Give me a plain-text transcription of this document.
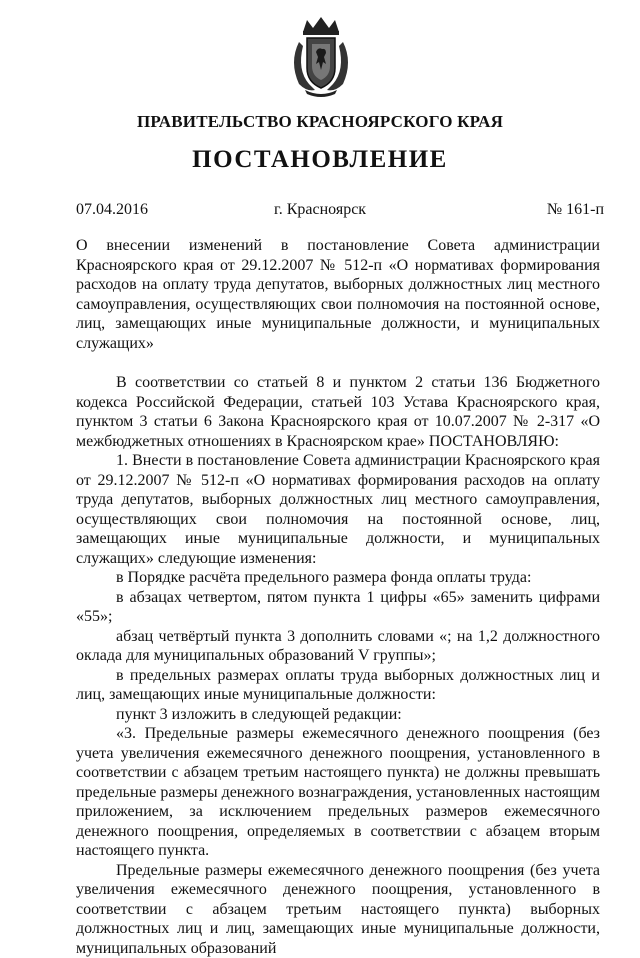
ПРАВИТЕЛЬСТВО КРАСНОЯРСКОГО КРАЯ
ПОСТАНОВЛЕНИЕ
07.04.2016	г. Красноярск	№ 161-п
О внесении изменений в постановление Совета администрации Красноярского края от 29.12.2007 № 512-п «О нормативах формирования расходов на оплату труда депутатов, выборных должностных лиц местного самоуправления, осуществляющих свои полномочия на постоянной основе, лиц, замещающих иные муниципальные должности, и муниципальных служащих»

В соответствии со статьей 8 и пунктом 2 статьи 136 Бюджетного кодекса Российской Федерации, статьей 103 Устава Красноярского края, пунктом 3 статьи 6 Закона Красноярского края от 10.07.2007 № 2-317 «О межбюджетных отношениях в Красноярском крае» ПОСТАНОВЛЯЮ:

1. Внести в постановление Совета администрации Красноярского края от 29.12.2007 № 512-п «О нормативах формирования расходов на оплату труда депутатов, выборных должностных лиц местного самоуправления, осуществляющих свои полномочия на постоянной основе, лиц, замещающих иные муниципальные должности, и муниципальных служащих» следующие изменения:

в Порядке расчёта предельного размера фонда оплаты труда:

в абзацах четвертом, пятом пункта 1 цифры «65» заменить цифрами «55»;

абзац четвёртый пункта 3 дополнить словами «; на 1,2 должностного оклада для муниципальных образований V группы»;

в предельных размерах оплаты труда выборных должностных лиц и лиц, замещающих иные муниципальные должности:

пункт 3 изложить в следующей редакции:

«3. Предельные размеры ежемесячного денежного поощрения (без учета увеличения ежемесячного денежного поощрения, установленного в соответствии с абзацем третьим настоящего пункта) не должны превышать предельные размеры денежного вознаграждения, установленных настоящим приложением, за исключением предельных размеров ежемесячного денежного поощрения, определяемых в соответствии с абзацем вторым настоящего пункта.

Предельные размеры ежемесячного денежного поощрения (без учета увеличения ежемесячного денежного поощрения, установленного в соответствии с абзацем третьим настоящего пункта) выборных должностных лиц и лиц, замещающих иные муниципальные должности, муниципальных образований
